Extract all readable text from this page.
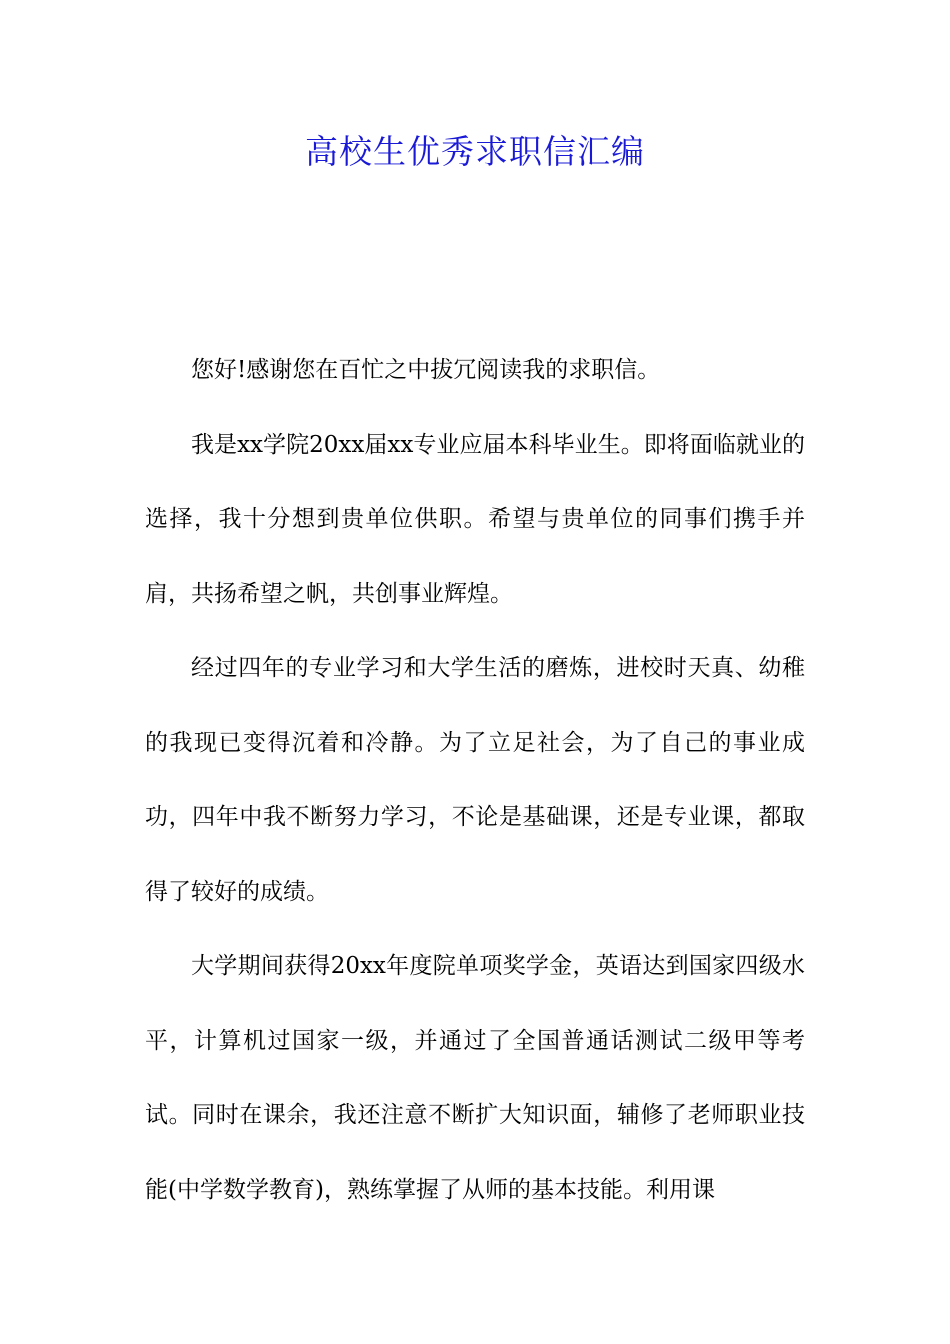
高校生优秀求职信汇编

您好!感谢您在百忙之中拔冗阅读我的求职信。

我是xx学院20xx届xx专业应届本科毕业生。即将面临就业的选择，我十分想到贵单位供职。希望与贵单位的同事们携手并肩，共扬希望之帆，共创事业辉煌。

经过四年的专业学习和大学生活的磨炼，进校时天真、幼稚的我现已变得沉着和冷静。为了立足社会，为了自己的事业成功，四年中我不断努力学习，不论是基础课，还是专业课，都取得了较好的成绩。

大学期间获得20xx年度院单项奖学金，英语达到国家四级水平，计算机过国家一级，并通过了全国普通话测试二级甲等考试。同时在课余，我还注意不断扩大知识面，辅修了老师职业技能(中学数学教育)，熟练掌握了从师的基本技能。利用课
